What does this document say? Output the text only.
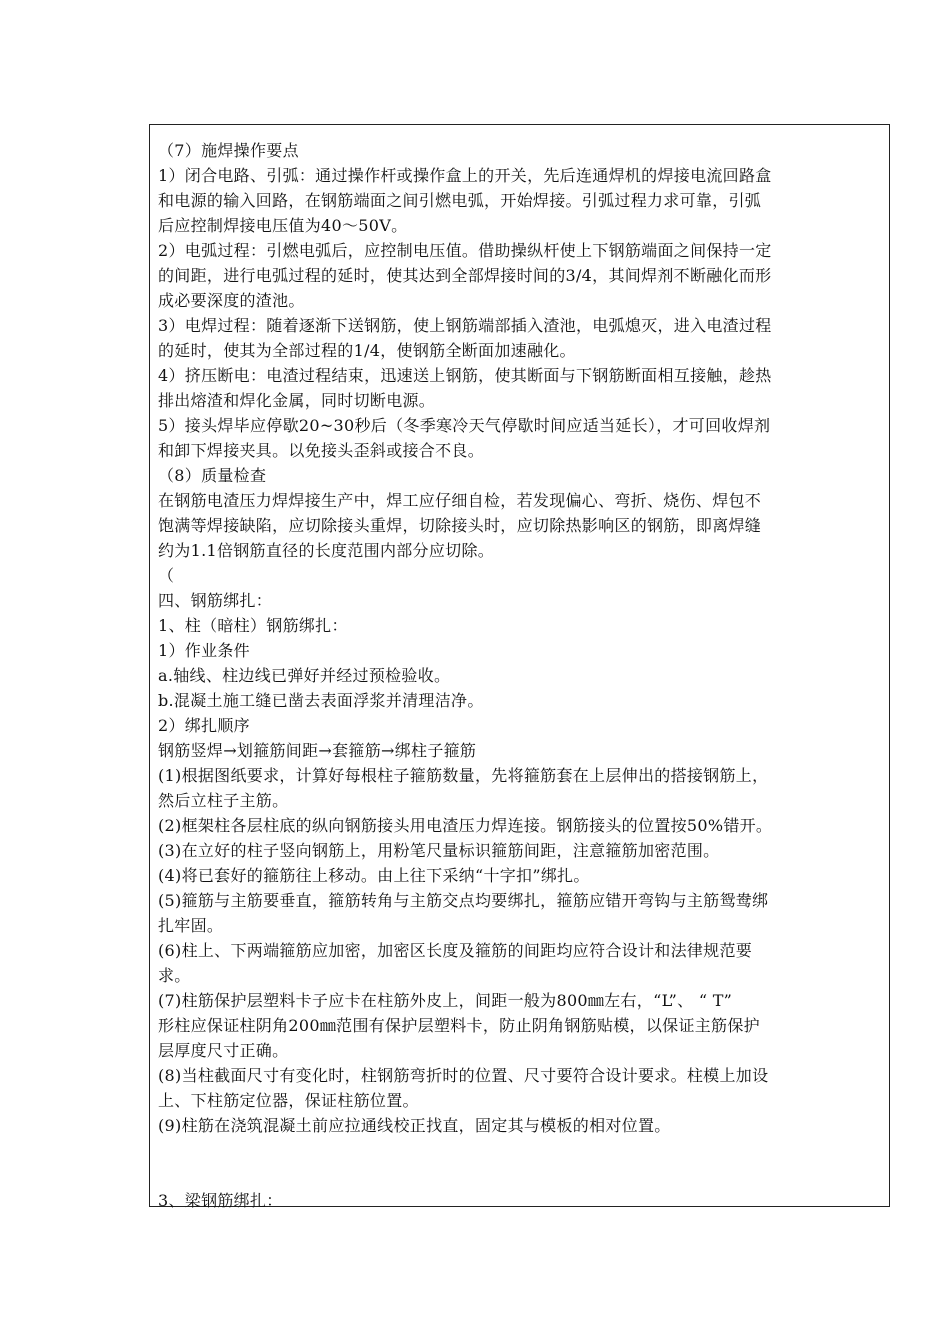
（7）施焊操作要点
1）闭合电路、引弧：通过操作杆或操作盒上的开关，先后连通焊机的焊接电流回路盒
和电源的输入回路，在钢筋端面之间引燃电弧，开始焊接。引弧过程力求可靠，引弧
后应控制焊接电压值为40～50V。
2）电弧过程：引燃电弧后，应控制电压值。借助操纵杆使上下钢筋端面之间保持一定
的间距，进行电弧过程的延时，使其达到全部焊接时间的3/4，其间焊剂不断融化而形
成必要深度的渣池。
3）电焊过程：随着逐渐下送钢筋，使上钢筋端部插入渣池，电弧熄灭，进入电渣过程
的延时，使其为全部过程的1/4，使钢筋全断面加速融化。
4）挤压断电：电渣过程结束，迅速送上钢筋，使其断面与下钢筋断面相互接触，趁热
排出熔渣和焊化金属，同时切断电源。
5）接头焊毕应停歇20~30秒后（冬季寒冷天气停歇时间应适当延长），才可回收焊剂
和卸下焊接夹具。以免接头歪斜或接合不良。
（8）质量检查
在钢筋电渣压力焊焊接生产中，焊工应仔细自检，若发现偏心、弯折、烧伤、焊包不
饱满等焊接缺陷，应切除接头重焊，切除接头时，应切除热影响区的钢筋，即离焊缝
约为1.1倍钢筋直径的长度范围内部分应切除。
（
四、钢筋绑扎：
1、柱（暗柱）钢筋绑扎：
1）作业条件
a.轴线、柱边线已弹好并经过预检验收。
b.混凝土施工缝已凿去表面浮浆并清理洁净。
2）绑扎顺序
钢筋竖焊→划箍筋间距→套箍筋→绑柱子箍筋
(1)根据图纸要求，计算好每根柱子箍筋数量，先将箍筋套在上层伸出的搭接钢筋上，
然后立柱子主筋。
(2)框架柱各层柱底的纵向钢筋接头用电渣压力焊连接。钢筋接头的位置按50%错开。
(3)在立好的柱子竖向钢筋上，用粉笔尺量标识箍筋间距，注意箍筋加密范围。
(4)将已套好的箍筋往上移动。由上往下采纳“十字扣”绑扎。
(5)箍筋与主筋要垂直，箍筋转角与主筋交点均要绑扎，箍筋应错开弯钩与主筋鸳鸯绑
扎牢固。
(6)柱上、下两端箍筋应加密，加密区长度及箍筋的间距均应符合设计和法律规范要
求。
(7)柱筋保护层塑料卡子应卡在柱筋外皮上，间距一般为800㎜左右，“L”、 “ T”
形柱应保证柱阴角200㎜范围有保护层塑料卡，防止阴角钢筋贴模，以保证主筋保护
层厚度尺寸正确。
(8)当柱截面尺寸有变化时，柱钢筋弯折时的位置、尺寸要符合设计要求。柱模上加设
上、下柱筋定位器，保证柱筋位置。
(9)柱筋在浇筑混凝土前应拉通线校正找直，固定其与模板的相对位置。
3、梁钢筋绑扎：
